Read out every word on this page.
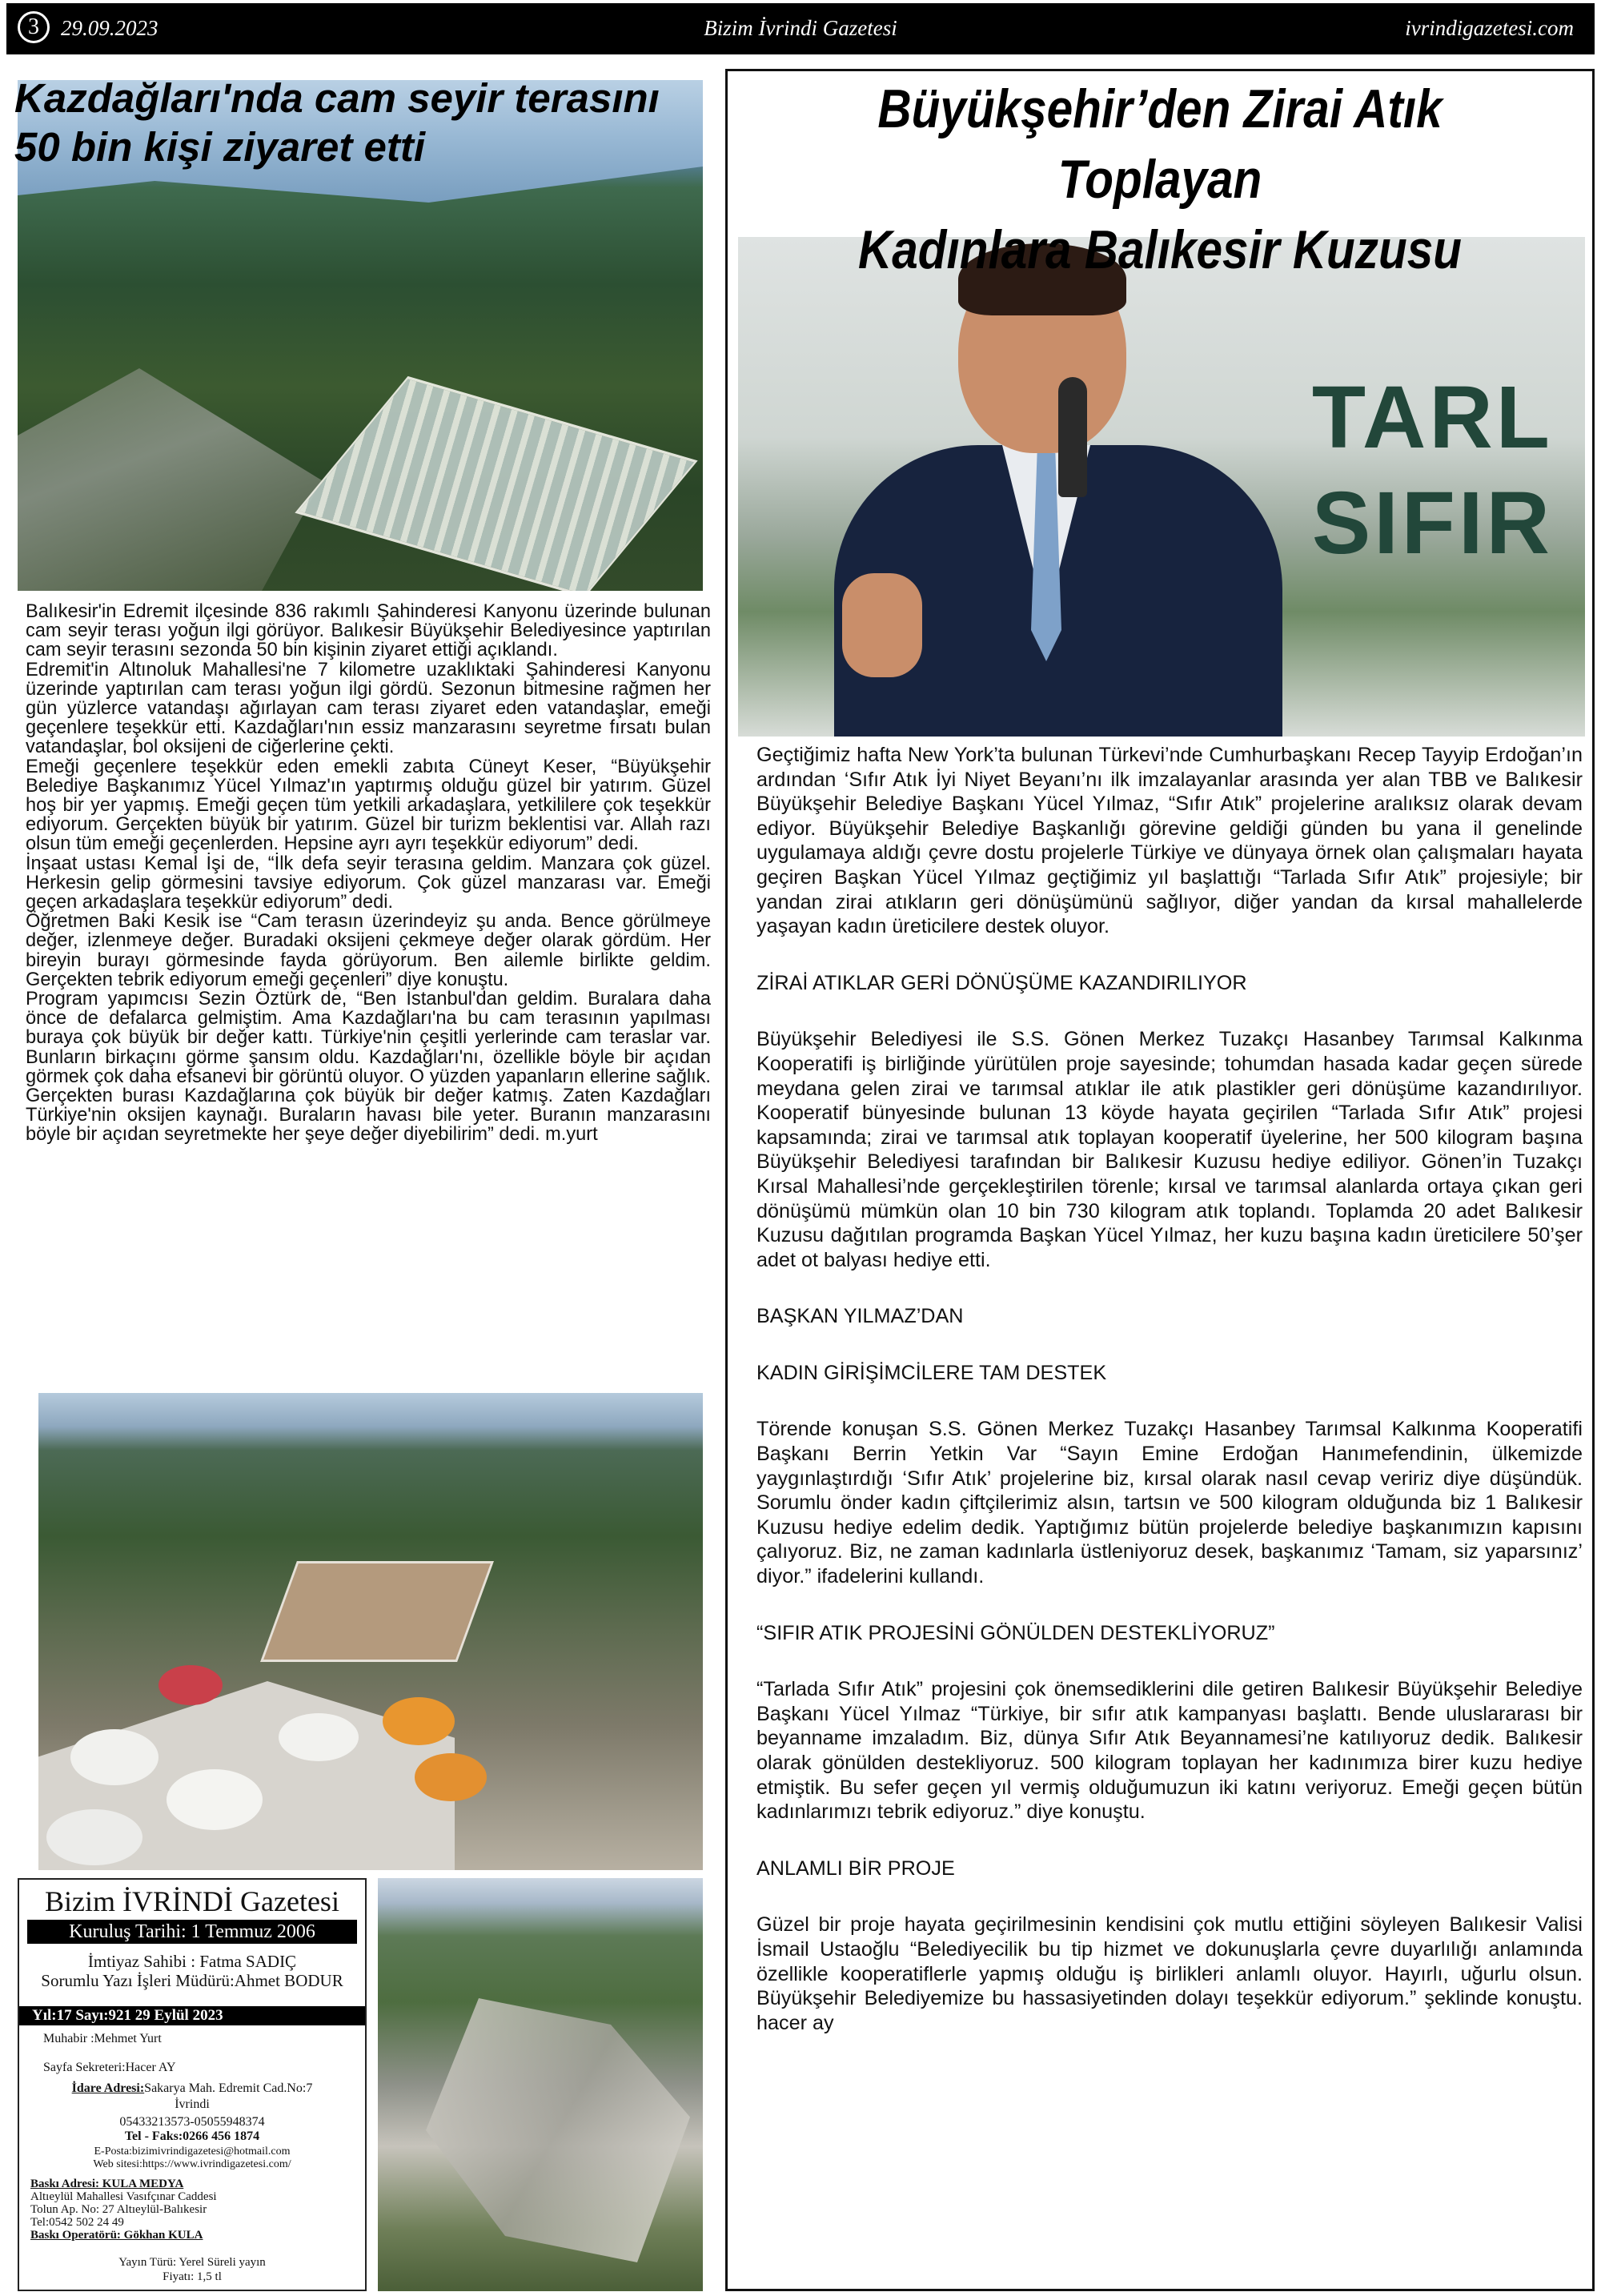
3	29.09.2023	Bizim İvrindi Gazetesi	ivrindigazetesi.com
Kazdağları'nda cam seyir terasını
50 bin kişi ziyaret etti

Balıkesir'in Edremit ilçesinde 836 rakımlı Şahinderesi Kanyonu üzerinde bulunan cam seyir terası yoğun ilgi görüyor. Balıkesir Büyükşehir Belediyesince yaptırılan cam seyir terasını sezonda 50 bin kişinin ziyaret ettiği açıklandı.

Edremit'in Altınoluk Mahallesi'ne 7 kilometre uzaklıktaki Şahinderesi Kanyonu üzerinde yaptırılan cam terası yoğun ilgi gördü. Sezonun bitmesine rağmen her gün yüzlerce vatandaşı ağırlayan cam terası ziyaret eden vatandaşlar, emeği geçenlere teşekkür etti. Kazdağları'nın essiz manzarasını seyretme fırsatı bulan vatandaşlar, bol oksijeni de ciğerlerine çekti.

Emeği geçenlere teşekkür eden emekli zabıta Cüneyt Keser, “Büyükşehir Belediye Başkanımız Yücel Yılmaz'ın yaptırmış olduğu güzel bir yatırım. Güzel hoş bir yer yapmış. Emeği geçen tüm yetkili arkadaşlara, yetkililere çok teşekkür ediyorum. Gerçekten büyük bir yatırım. Güzel bir turizm beklentisi var. Allah razı olsun tüm emeği geçenlerden. Hepsine ayrı ayrı teşekkür ediyorum” dedi.

İnşaat ustası Kemal İşi de, “İlk defa seyir terasına geldim. Manzara çok güzel. Herkesin gelip görmesini tavsiye ediyorum. Çok güzel manzarası var. Emeği geçen arkadaşlara teşekkür ediyorum” dedi.

Öğretmen Baki Kesik ise “Cam terasın üzerindeyiz şu anda. Bence görülmeye değer, izlenmeye değer. Buradaki oksijeni çekmeye değer olarak gördüm. Her bireyin burayı görmesinde fayda görüyorum. Ben ailemle birlikte geldim. Gerçekten tebrik ediyorum emeği geçenleri” diye konuştu.

Program yapımcısı Sezin Öztürk de, “Ben İstanbul'dan geldim. Buralara daha önce de defalarca gelmiştim. Ama Kazdağları'na bu cam terasının yapılması buraya çok büyük bir değer kattı. Türkiye'nin çeşitli yerlerinde cam teraslar var. Bunların birkaçını görme şansım oldu. Kazdağları'nı, özellikle böyle bir açıdan görmek çok daha efsanevi bir görüntü oluyor. O yüzden yapanların ellerine sağlık. Gerçekten burası Kazdağlarına çok büyük bir değer katmış. Zaten Kazdağları Türkiye'nin oksijen kaynağı. Buraların havası bile yeter. Buranın manzarasını böyle bir açıdan seyretmekte her şeye değer diyebilirim” dedi. m.yurt

Bizim İVRİNDİ Gazetesi
Kuruluş Tarihi: 1 Temmuz 2006
İmtiyaz Sahibi : Fatma SADIÇ
Sorumlu Yazı İşleri Müdürü:Ahmet BODUR
Yıl:17 Sayı:921 29 Eylül 2023
Muhabir :Mehmet Yurt
Sayfa Sekreteri:Hacer AY
İdare Adresi:Sakarya Mah. Edremit Cad.No:7
İvrindi
05433213573-05055948374
Tel - Faks:0266 456 1874
E-Posta:bizimivrindigazetesi@hotmail.com
Web sitesi:https://www.ivrindigazetesi.com/
Baskı Adresi: KULA MEDYA
Altıeylül Mahallesi Vasıfçınar Caddesi
Tolun Ap. No: 27 Altıeylül-Balıkesir
Tel:0542 502 24 49
Baskı Operatörü: Gökhan KULA
Yayın Türü: Yerel Süreli yayın
Fiyatı: 1,5 tl
TARL
SIFIR
Büyükşehir’den Zirai Atık Toplayan
Kadınlara Balıkesir Kuzusu

Geçtiğimiz hafta New York’ta bulunan Türkevi’nde Cumhurbaşkanı Recep Tayyip Erdoğan’ın ardından ‘Sıfır Atık İyi Niyet Beyanı’nı ilk imzalayanlar arasında yer alan TBB ve Balıkesir Büyükşehir Belediye Başkanı Yücel Yılmaz, “Sıfır Atık” projelerine aralıksız olarak devam ediyor. Büyükşehir Belediye Başkanlığı görevine geldiği günden bu yana il genelinde uygulamaya aldığı çevre dostu projelerle Türkiye ve dünyaya örnek olan çalışmaları hayata geçiren Başkan Yücel Yılmaz geçtiğimiz yıl başlattığı “Tarlada Sıfır Atık” projesiyle; bir yandan zirai atıkların geri dönüşümünü sağlıyor, diğer yandan da kırsal mahallelerde yaşayan kadın üreticilere destek oluyor.

ZİRAİ ATIKLAR GERİ DÖNÜŞÜME KAZANDIRILIYOR

Büyükşehir Belediyesi ile S.S. Gönen Merkez Tuzakçı Hasanbey Tarımsal Kalkınma Kooperatifi iş birliğinde yürütülen proje sayesinde; tohumdan hasada kadar geçen sürede meydana gelen zirai ve tarımsal atıklar ile atık plastikler geri dönüşüme kazandırılıyor. Kooperatif bünyesinde bulunan 13 köyde hayata geçirilen “Tarlada Sıfır Atık” projesi kapsamında; zirai ve tarımsal atık toplayan kooperatif üyelerine, her 500 kilogram başına Büyükşehir Belediyesi tarafından bir Balıkesir Kuzusu hediye ediliyor. Gönen’in Tuzakçı Kırsal Mahallesi’nde gerçekleştirilen törenle; kırsal ve tarımsal alanlarda ortaya çıkan geri dönüşümü mümkün olan 10 bin 730 kilogram atık toplandı. Toplamda 20 adet Balıkesir Kuzusu dağıtılan programda Başkan Yücel Yılmaz, her kuzu başına kadın üreticilere 50’şer adet ot balyası hediye etti.

BAŞKAN YILMAZ’DAN

KADIN GİRİŞİMCİLERE TAM DESTEK

Törende konuşan S.S. Gönen Merkez Tuzakçı Hasanbey Tarımsal Kalkınma Kooperatifi Başkanı Berrin Yetkin Var “Sayın Emine Erdoğan Hanımefendinin, ülkemizde yaygınlaştırdığı ‘Sıfır Atık’ projelerine biz, kırsal olarak nasıl cevap veririz diye düşündük. Sorumlu önder kadın çiftçilerimiz alsın, tartsın ve 500 kilogram olduğunda biz 1 Balıkesir Kuzusu hediye edelim dedik. Yaptığımız bütün projelerde belediye başkanımızın kapısını çalıyoruz. Biz, ne zaman kadınlarla üstleniyoruz desek, başkanımız ‘Tamam, siz yaparsınız’ diyor.” ifadelerini kullandı.

“SIFIR ATIK PROJESİNİ GÖNÜLDEN DESTEKLİYORUZ”

“Tarlada Sıfır Atık” projesini çok önemsediklerini dile getiren Balıkesir Büyükşehir Belediye Başkanı Yücel Yılmaz “Türkiye, bir sıfır atık kampanyası başlattı. Bende uluslararası bir beyanname imzaladım. Biz, dünya Sıfır Atık Beyannamesi’ne katılıyoruz dedik. Balıkesir olarak gönülden destekliyoruz. 500 kilogram toplayan her kadınımıza birer kuzu hediye etmiştik. Bu sefer geçen yıl vermiş olduğumuzun iki katını veriyoruz. Emeği geçen bütün kadınlarımızı tebrik ediyoruz.” diye konuştu.

ANLAMLI BİR PROJE

Güzel bir proje hayata geçirilmesinin kendisini çok mutlu ettiğini söyleyen Balıkesir Valisi İsmail Ustaoğlu “Belediyecilik bu tip hizmet ve dokunuşlarla çevre duyarlılığı anlamında özellikle kooperatiflerle yapmış olduğu iş birlikleri anlamlı oluyor. Hayırlı, uğurlu olsun. Büyükşehir Belediyemize bu hassasiyetinden dolayı teşekkür ediyorum.” şeklinde konuştu. hacer ay
